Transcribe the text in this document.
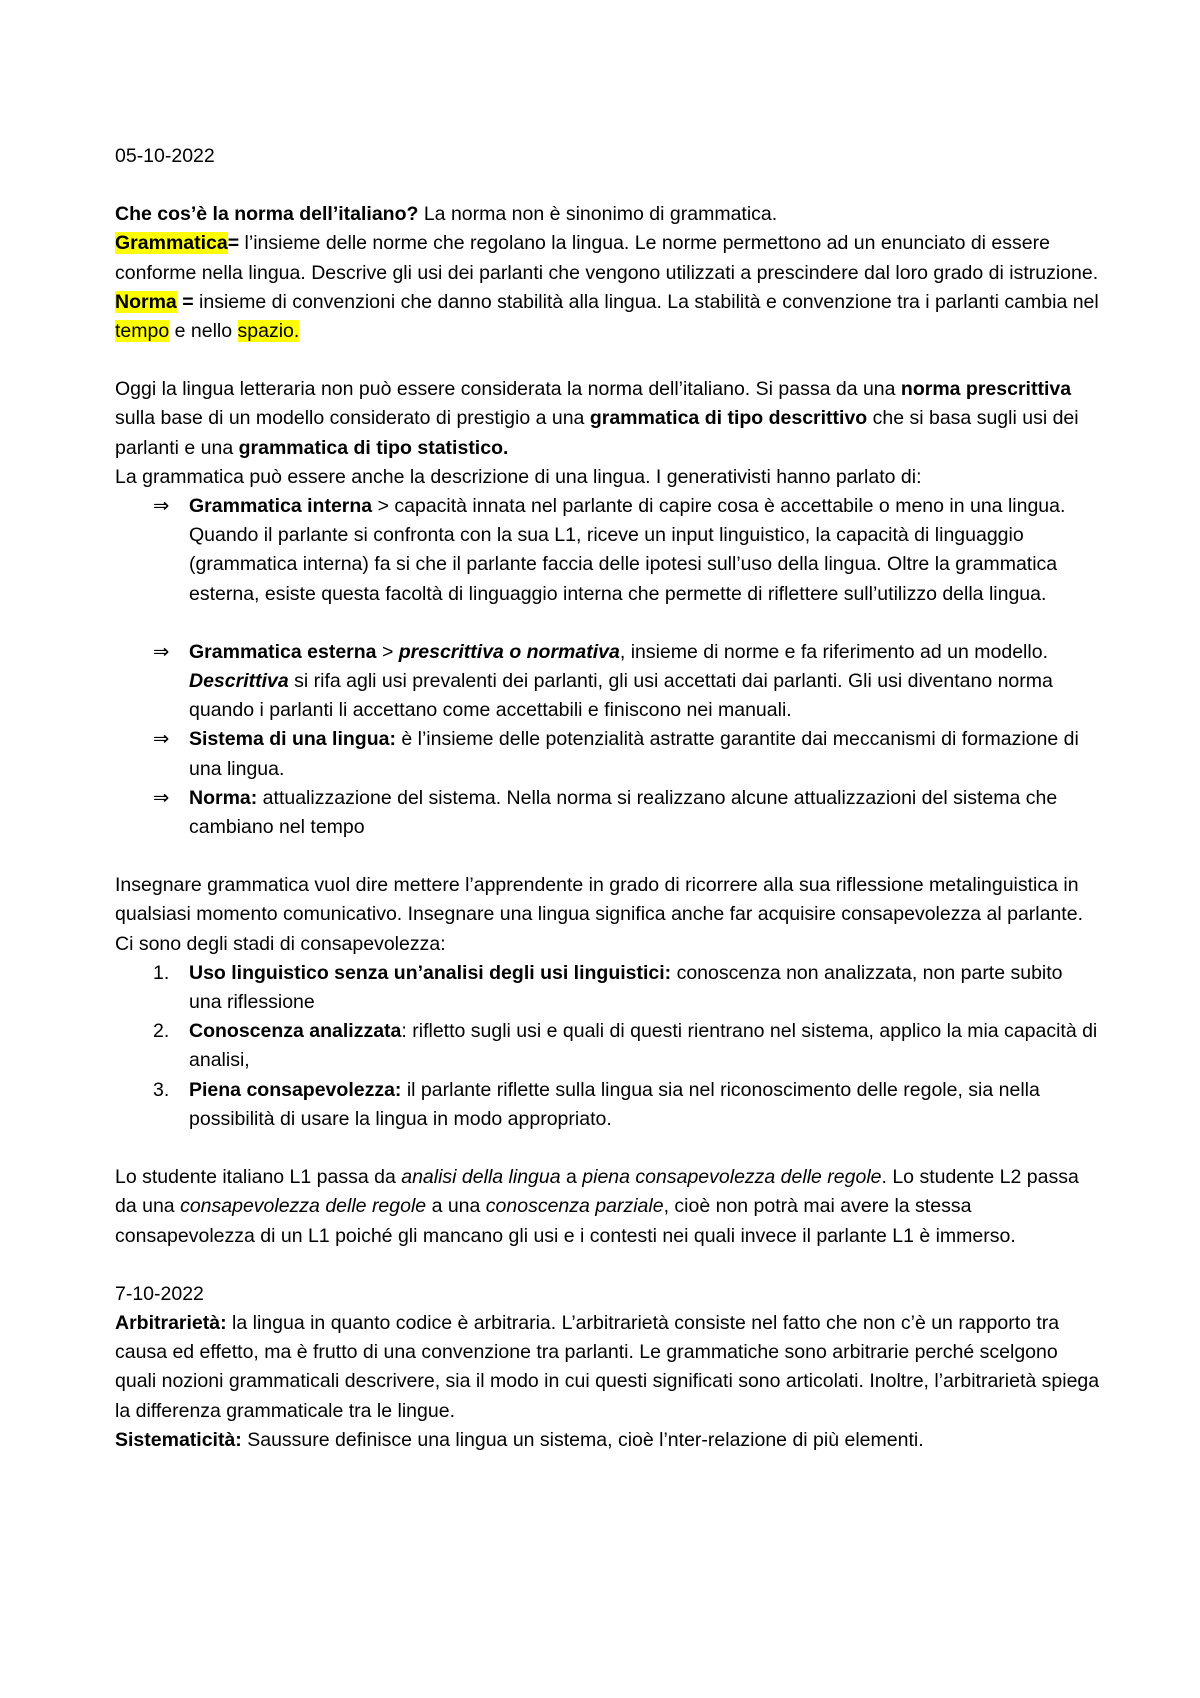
05-10-2022

Che cos’è la norma dell’italiano? La norma non è sinonimo di grammatica.

Grammatica= l’insieme delle norme che regolano la lingua. Le norme permettono ad un enunciato di essere conforme nella lingua. Descrive gli usi dei parlanti che vengono utilizzati a prescindere dal loro grado di istruzione.

Norma = insieme di convenzioni che danno stabilità alla lingua. La stabilità e convenzione tra i parlanti cambia nel tempo e nello spazio.

Oggi la lingua letteraria non può essere considerata la norma dell’italiano. Si passa da una norma prescrittiva sulla base di un modello considerato di prestigio a una grammatica di tipo descrittivo che si basa sugli usi dei parlanti e una grammatica di tipo statistico.

La grammatica può essere anche la descrizione di una lingua. I generativisti hanno parlato di:

⇒ Grammatica interna > capacità innata nel parlante di capire cosa è accettabile o meno in una lingua. Quando il parlante si confronta con la sua L1, riceve un input linguistico, la capacità di linguaggio (grammatica interna) fa si che il parlante faccia delle ipotesi sull’uso della lingua. Oltre la grammatica esterna, esiste questa facoltà di linguaggio interna che permette di riflettere sull’utilizzo della lingua.
⇒ Grammatica esterna > prescrittiva o normativa, insieme di norme e fa riferimento ad un modello. Descrittiva si rifa agli usi prevalenti dei parlanti, gli usi accettati dai parlanti. Gli usi diventano norma quando i parlanti li accettano come accettabili e finiscono nei manuali.
⇒ Sistema di una lingua: è l’insieme delle potenzialità astratte garantite dai meccanismi di formazione di una lingua.
⇒ Norma: attualizzazione del sistema. Nella norma si realizzano alcune attualizzazioni del sistema che cambiano nel tempo

Insegnare grammatica vuol dire mettere l’apprendente in grado di ricorrere alla sua riflessione metalinguistica in qualsiasi momento comunicativo. Insegnare una lingua significa anche far acquisire consapevolezza al parlante. Ci sono degli stadi di consapevolezza:

1. Uso linguistico senza un’analisi degli usi linguistici: conoscenza non analizzata, non parte subito una riflessione
2. Conoscenza analizzata: rifletto sugli usi e quali di questi rientrano nel sistema, applico la mia capacità di analisi,
3. Piena consapevolezza: il parlante riflette sulla lingua sia nel riconoscimento delle regole, sia nella possibilità di usare la lingua in modo appropriato.

Lo studente italiano L1 passa da analisi della lingua a piena consapevolezza delle regole. Lo studente L2 passa da una consapevolezza delle regole a una conoscenza parziale, cioè non potrà mai avere la stessa consapevolezza di un L1 poiché gli mancano gli usi e i contesti nei quali invece il parlante L1 è immerso.

7-10-2022

Arbitrarietà: la lingua in quanto codice è arbitraria. L’arbitrarietà consiste nel fatto che non c’è un rapporto tra causa ed effetto, ma è frutto di una convenzione tra parlanti. Le grammatiche sono arbitrarie perché scelgono quali nozioni grammaticali descrivere, sia il modo in cui questi significati sono articolati. Inoltre, l’arbitrarietà spiega la differenza grammaticale tra le lingue.

Sistematicità: Saussure definisce una lingua un sistema, cioè l’nter-relazione di più elementi.
